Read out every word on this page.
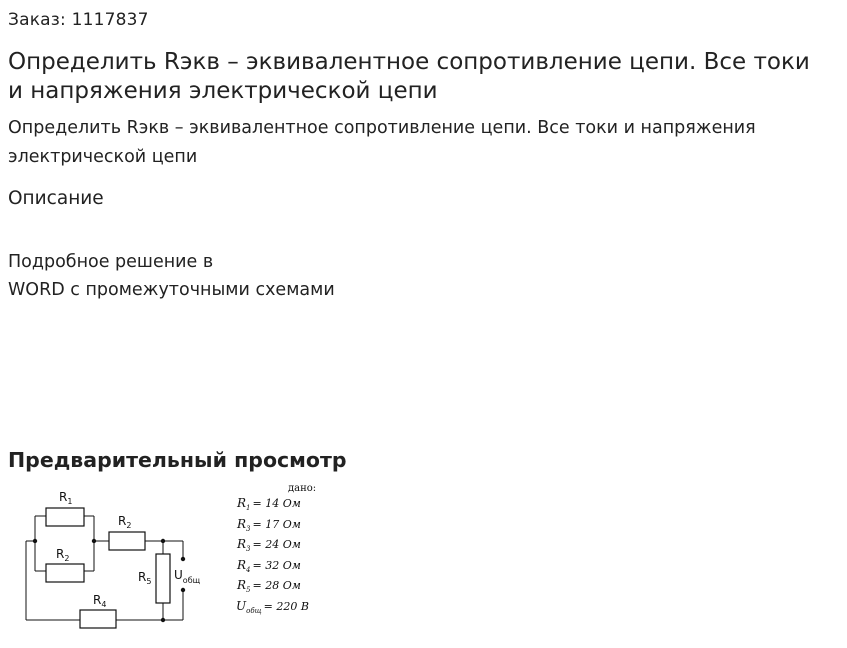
Заказ: 1117837
Определить Rэкв – эквивалентное сопротивление цепи. Все токи и напряжения электрической цепи
Определить Rэкв – эквивалентное сопротивление цепи. Все токи и напряжения электрической цепи
Описание
Подробное решение в
WORD с промежуточными схемами
Предварительный просмотр
$R_1$
$R_2$
$R_2$
$R_5$
$R_4$
$U_{общ}$
дано:
$R_1 = 14$ Ом
$R_3 = 17$ Ом
$R_3 = 24$ Ом
$R_4 = 32$ Ом
$R_5 = 28$ Ом
$U_{общ} = 220$ В
